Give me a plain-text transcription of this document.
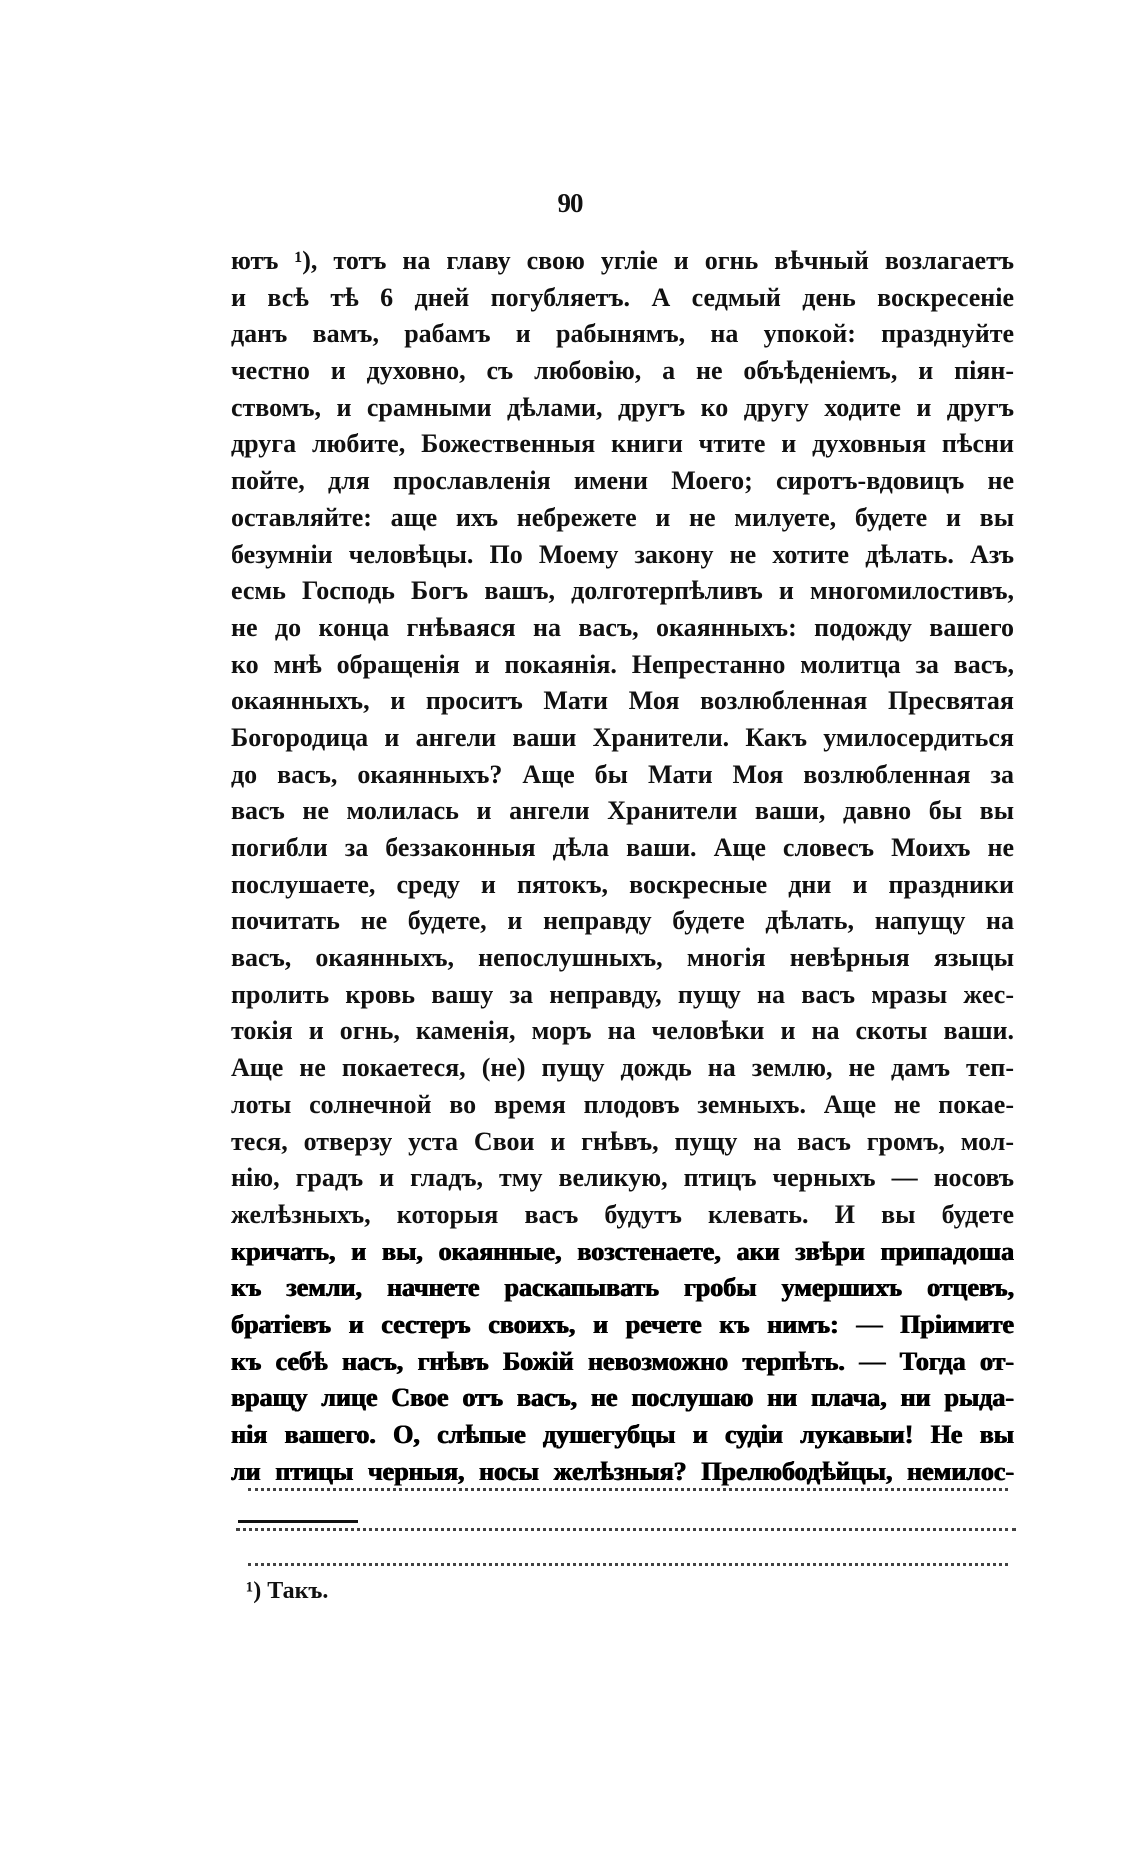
90
ютъ ¹), тотъ на главу свою углiе и огнь вѣчный возлагаетъ
и всѣ тѣ 6 дней погубляетъ. А седмый день воскресенiе
данъ вамъ, рабамъ и рабынямъ, на упокой: празднуйте
честно и духовно, съ любовiю, а не объѣденiемъ, и пiян-
ствомъ, и срамными дѣлами, другъ ко другу ходите и другъ
друга любите, Божественныя книги чтите и духовныя пѣсни
пойте, для прославленiя имени Моего; сиротъ-вдовицъ не
оставляйте: аще ихъ небрежете и не милуете, будете и вы
безумнiи человѣцы. По Моему закону не хотите дѣлать. Азъ
есмь Господь Богъ вашъ, долготерпѣливъ и многомилостивъ,
не до конца гнѣваяся на васъ, окаянныхъ: подожду вашего
ко мнѣ обращенiя и покаянiя. Непрестанно молитца за васъ,
окаянныхъ, и проситъ Мати Моя возлюбленная Пресвятая
Богородица и ангели ваши Хранители. Какъ умилосердиться
до васъ, окаянныхъ? Аще бы Мати Моя возлюбленная за
васъ не молилась и ангели Хранители ваши, давно бы вы
погибли за беззаконныя дѣла ваши. Аще словесъ Моихъ не
послушаете, среду и пятокъ, воскресные дни и праздники
почитать не будете, и неправду будете дѣлать, напущу на
васъ, окаянныхъ, непослушныхъ, многiя невѣрныя языцы
пролить кровь вашу за неправду, пущу на васъ мразы жес-
токiя и огнь, каменiя, моръ на человѣки и на скоты ваши.
Аще не покаетеся, (не) пущу дождь на землю, не дамъ теп-
лоты солнечной во время плодовъ земныхъ. Аще не покае-
теся, отверзу уста Свои и гнѣвъ, пущу на васъ громъ, мол-
нiю, градъ и гладъ, тму великую, птицъ черныхъ — носовъ
желѣзныхъ, которыя васъ будутъ клевать. И вы будете
кричать, и вы, окаянные, возстенаете, аки звѣри припадоша
къ земли, начнете раскапывать гробы умершихъ отцевъ,
братiевъ и сестеръ своихъ, и речете къ нимъ: — Прiимите
къ себѣ насъ, гнѣвъ Божiй невозможно терпѣть. — Тогда от-
вращу лице Свое отъ васъ, не послушаю ни плача, ни рыда-
нiя вашего. О, слѣпые душегубцы и судiи лукавыи! Не вы
ли птицы черныя, носы желѣзныя? Прелюбодѣйцы, немилос-
¹) Такъ.
